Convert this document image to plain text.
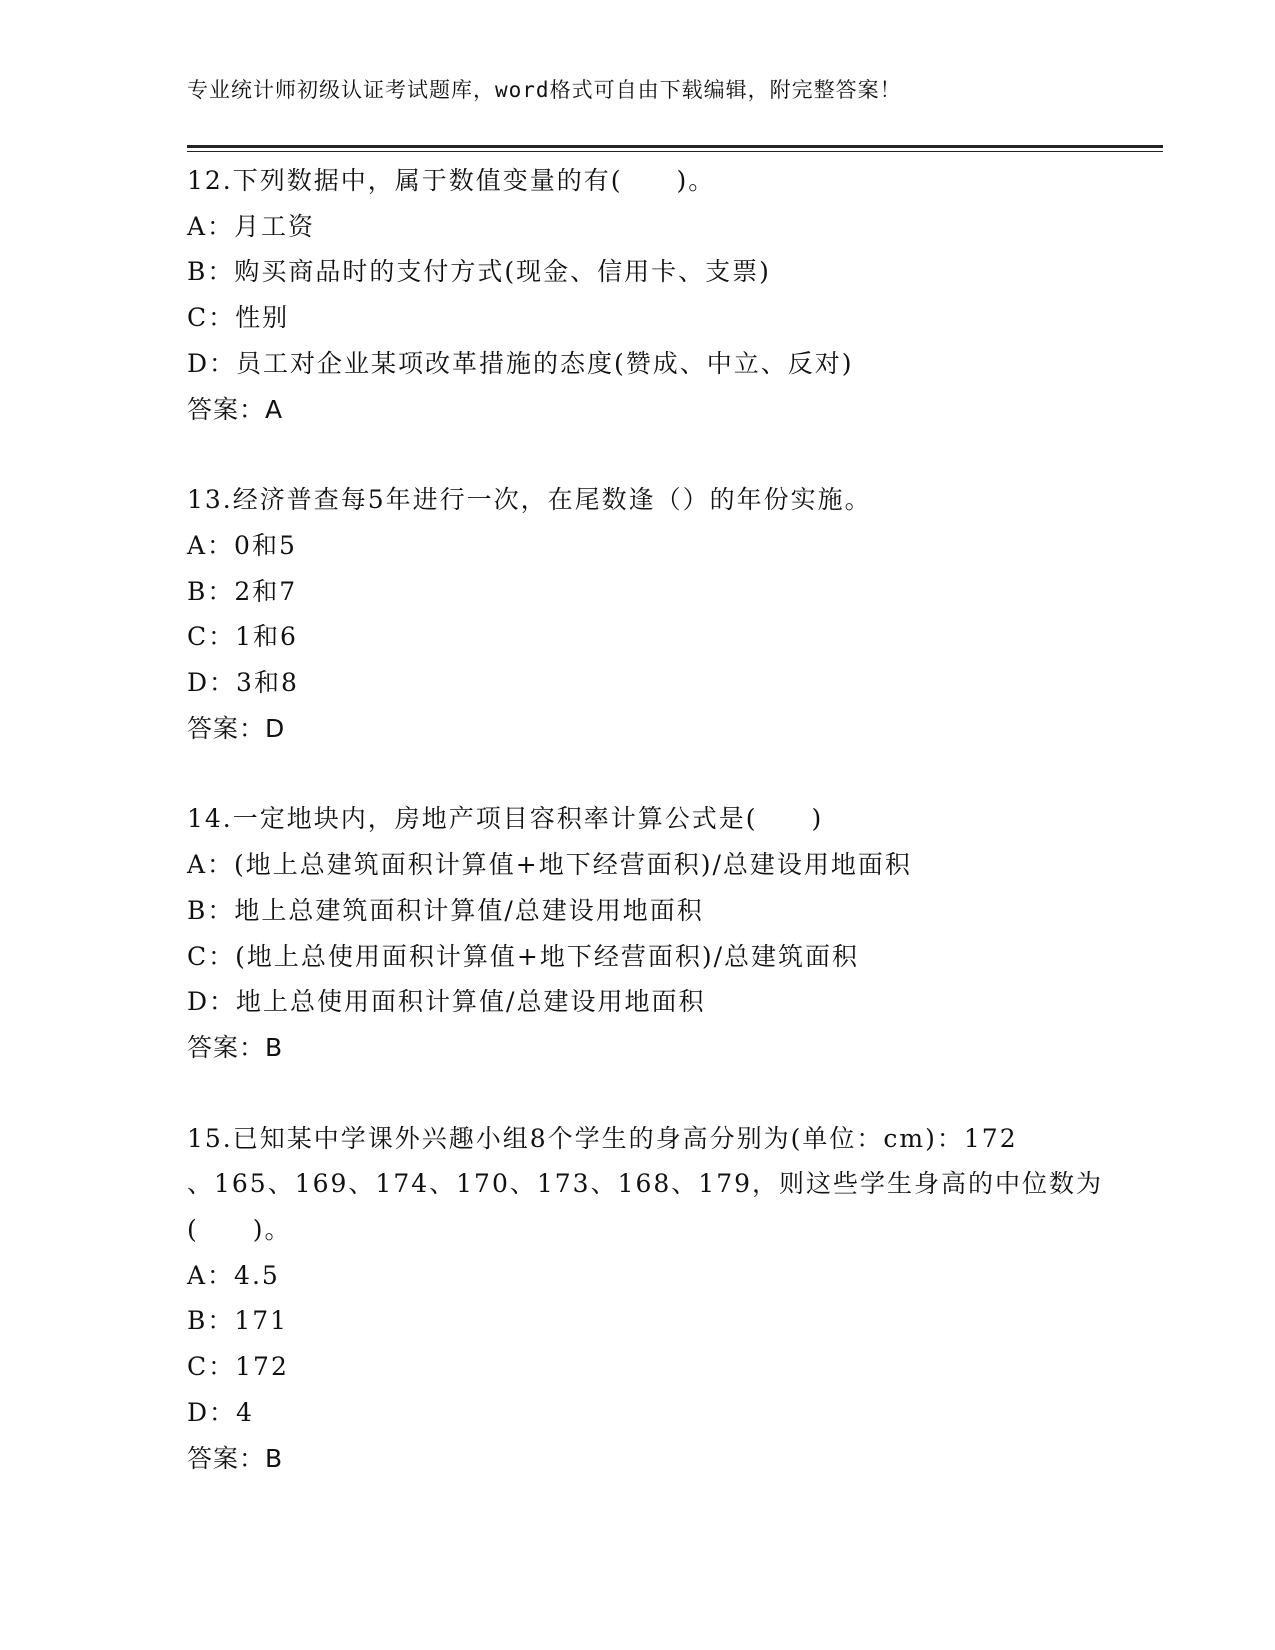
专业统计师初级认证考试题库，word格式可自由下载编辑，附完整答案！
12.下列数据中，属于数值变量的有(　　)。
A：月工资
B：购买商品时的支付方式(现金、信用卡、支票)
C：性别
D：员工对企业某项改革措施的态度(赞成、中立、反对)
答案：A
13.经济普查每5年进行一次，在尾数逢（）的年份实施。
A：0和5
B：2和7
C：1和6
D：3和8
答案：D
14.一定地块内，房地产项目容积率计算公式是(　　)
A：(地上总建筑面积计算值+地下经营面积)/总建设用地面积
B：地上总建筑面积计算值/总建设用地面积
C：(地上总使用面积计算值+地下经营面积)/总建筑面积
D：地上总使用面积计算值/总建设用地面积
答案：B
15.已知某中学课外兴趣小组8个学生的身高分别为(单位：cm)：172
、165、169、174、170、173、168、179，则这些学生身高的中位数为
(　　)。
A：4.5
B：171
C：172
D：4
答案：B
